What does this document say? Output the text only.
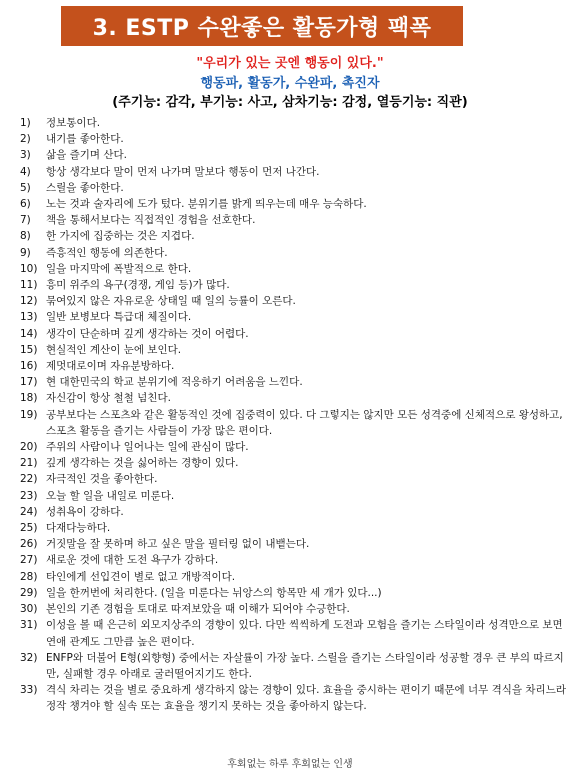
3. ESTP 수완좋은 활동가형 팩폭
"우리가 있는 곳엔 행동이 있다."
행동파, 활동가, 수완파, 촉진자
(주기능: 감각, 부기능: 사고, 삼차기능: 감정, 열등기능: 직관)
1)	정보통이다.
2)	내기를 좋아한다.
3)	삶을 즐기며 산다.
4)	항상 생각보다 말이 먼저 나가며 말보다 행동이 먼저 나간다.
5)	스릴을 좋아한다.
6)	노는 것과 술자리에 도가 텄다. 분위기를 밝게 띄우는데 매우 능숙하다.
7)	책을 통해서보다는 직접적인 경험을 선호한다.
8)	한 가지에 집중하는 것은 지겹다.
9)	즉흥적인 행동에 의존한다.
10) 일을 마지막에 폭발적으로 한다.
11) 흥미 위주의 욕구(경쟁, 게임 등)가 많다.
12) 묶여있지 않은 자유로운 상태일 때 일의 능률이 오른다.
13) 일반 보병보다 특급대 체질이다.
14) 생각이 단순하며 깊게 생각하는 것이 어렵다.
15) 현실적인 계산이 눈에 보인다.
16) 제멋대로이며 자유분방하다.
17) 현 대한민국의 학교 분위기에 적응하기 어려움을 느낀다.
18) 자신감이 항상 철철 넘친다.
19) 공부보다는 스포츠와 같은 활동적인 것에 집중력이 있다. 다 그렇지는 않지만 모든 성격중에 신체적으로 왕성하고, 스포츠 활동을 즐기는 사람들이 가장 많은 편이다.
20) 주위의 사람이나 일어나는 일에 관심이 많다.
21) 깊게 생각하는 것을 싫어하는 경향이 있다.
22) 자극적인 것을 좋아한다.
23) 오늘 할 일을 내일로 미룬다.
24) 성취욕이 강하다.
25) 다재다능하다.
26) 거짓말을 잘 못하며 하고 싶은 말을 필터링 없이 내뱉는다.
27) 새로운 것에 대한 도전 욕구가 강하다.
28) 타인에게 선입견이 별로 없고 개방적이다.
29) 일을 한꺼번에 처리한다. (일을 미룬다는 뉘앙스의 항목만 세 개가 있다...)
30) 본인의 기존 경험을 토대로 따져보았을 때 이해가 되어야 수긍한다.
31) 이성을 볼 때 은근히 외모지상주의 경향이 있다. 다만 씩씩하게 도전과 모험을 즐기는 스타일이라 성격만으로 보면 연애 관계도 그만큼 높은 편이다.
32) ENFP와 더불어 E형(외향형) 중에서는 자살률이 가장 높다. 스릴을 즐기는 스타일이라 성공할 경우 큰 부의 따르지만, 실패할 경우 아래로 굴러떨어지기도 한다.
33) 격식 차리는 것을 별로 중요하게 생각하지 않는 경향이 있다. 효율을 중시하는 편이기 때문에 너무 격식을 차리느라 정작 챙겨야 할 실속 또는 효율을 챙기지 못하는 것을 좋아하지 않는다.
후회없는 하루 후회없는 인생
